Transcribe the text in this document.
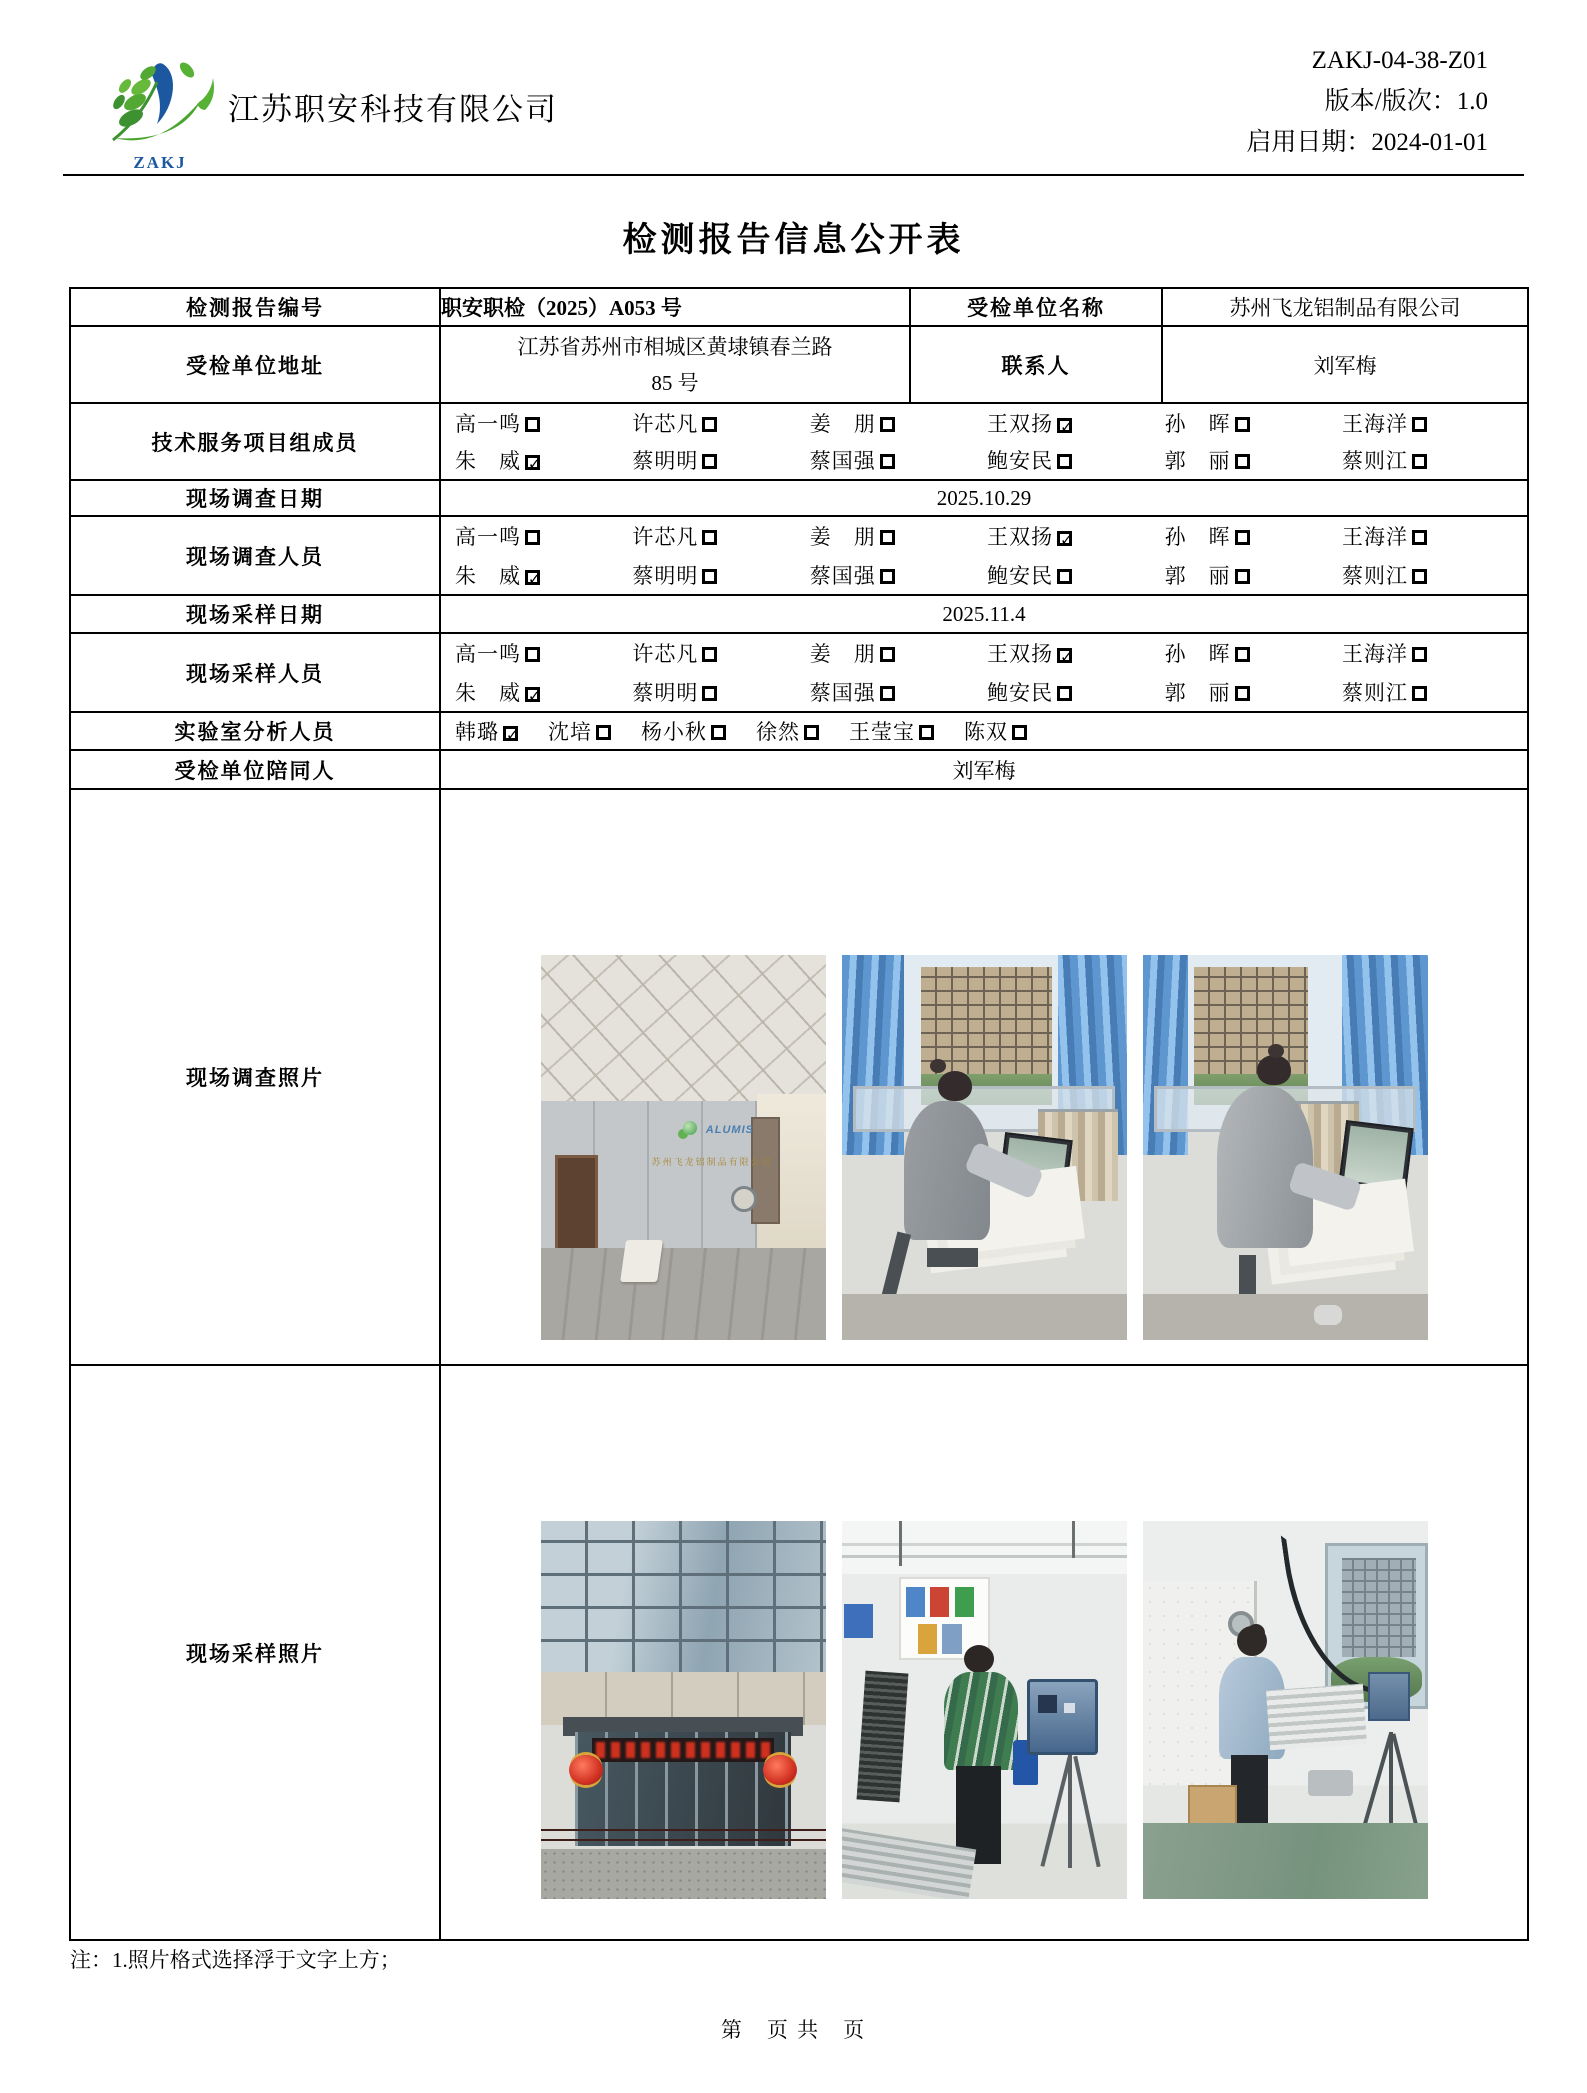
ZAKJ
江苏职安科技有限公司
ZAKJ-04-38-Z01
版本/版次：1.0
启用日期：2024-01-01
检测报告信息公开表
检测报告编号	职安职检（2025）A053 号	受检单位名称	苏州飞龙铝制品有限公司
受检单位地址	江苏省苏州市相城区黄埭镇春兰路
85 号	联系人	刘军梅
技术服务项目组成员	
高一鸣	许芯凡	姜　朋	王双扬 ✓	孙　晖	王海洋
朱　威 ✓	蔡明明	蔡国强	鲍安民	郭　丽	蔡则江

现场调查日期	2025.10.29		
现场调查人员	
高一鸣	许芯凡	姜　朋	王双扬 ✓	孙　晖	王海洋
朱　威 ✓	蔡明明	蔡国强	鲍安民	郭　丽	蔡则江

现场采样日期	2025.11.4		
现场采样人员	
高一鸣	许芯凡	姜　朋	王双扬 ✓	孙　晖	王海洋
朱　威 ✓	蔡明明	蔡国强	鲍安民	郭　丽	蔡则江

实验室分析人员	韩璐 ✓ 沈培	杨小秋	徐然	王莹宝	陈双

受检单位陪同人	刘军梅		
现场调查照片	ALUMIS
苏州飞龙铝制品有限公司		

现场采样照片			
注：1.照片格式选择浮于文字上方；
第　页 共　页
